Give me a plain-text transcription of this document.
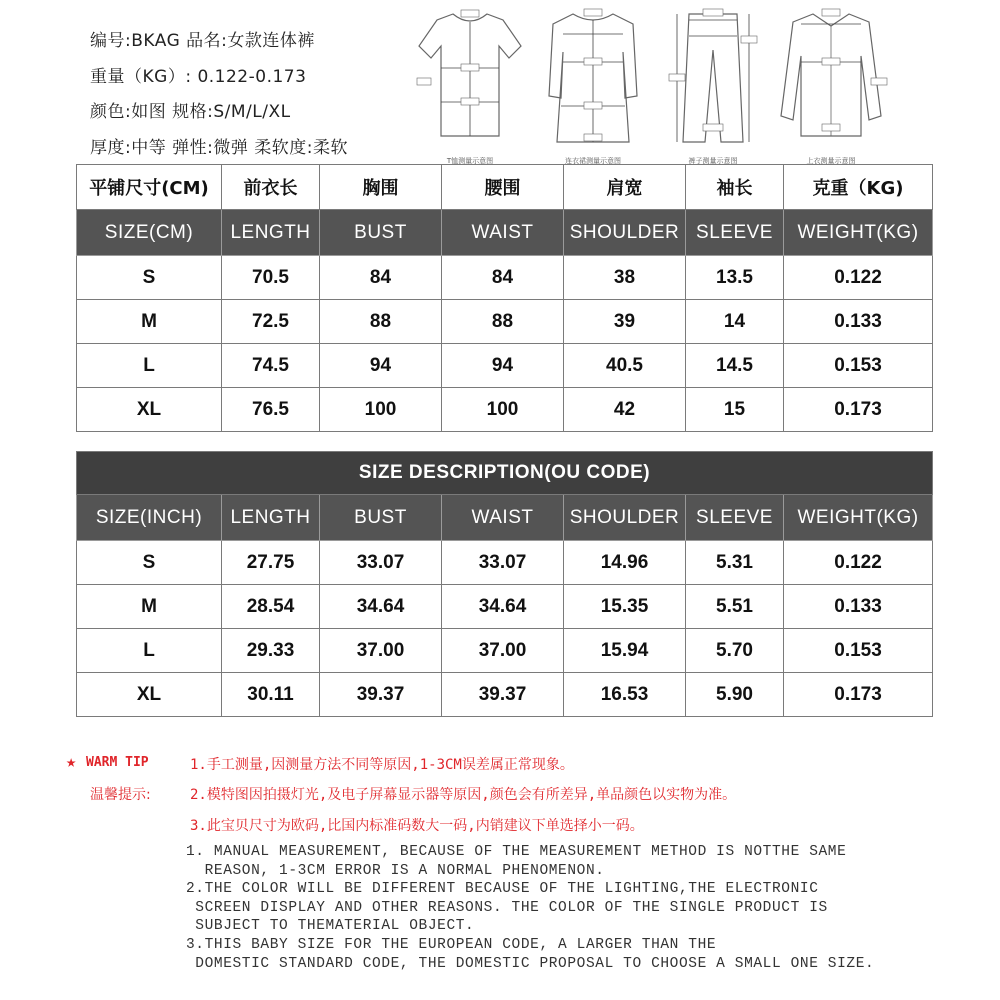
编号:BKAG 品名:女款连体裤
重量（KG）: 0.122-0.173
颜色:如图 规格:S/M/L/XL
厚度:中等 弹性:微弹 柔软度:柔软
T恤测量示意图	连衣裙测量示意图	裤子测量示意图	上衣测量示意图
平铺尺寸(CM)	前衣长	胸围	腰围	肩宽	袖长	克重（KG)
SIZE(CM)	LENGTH	BUST	WAIST	SHOULDER	SLEEVE	WEIGHT(KG)
S	70.5	84	84	38	13.5	0.122
M	72.5	88	88	39	14	0.133
L	74.5	94	94	40.5	14.5	0.153
XL	76.5	100	100	42	15	0.173
SIZE DESCRIPTION(OU CODE)						
SIZE(INCH)	LENGTH	BUST	WAIST	SHOULDER	SLEEVE	WEIGHT(KG)
S	27.75	33.07	33.07	14.96	5.31	0.122
M	28.54	34.64	34.64	15.35	5.51	0.133
L	29.33	37.00	37.00	15.94	5.70	0.153
XL	30.11	39.37	39.37	16.53	5.90	0.173
★ WARM TIP
温馨提示:
1.手工测量,因测量方法不同等原因,1-3CM误差属正常现象。
2.模特图因拍摄灯光,及电子屏幕显示器等原因,颜色会有所差异,单品颜色以实物为准。
3.此宝贝尺寸为欧码,比国内标准码数大一码,内销建议下单选择小一码。
1. MANUAL MEASUREMENT, BECAUSE OF THE MEASUREMENT METHOD IS NOTTHE SAME
REASON, 1-3CM ERROR IS A NORMAL PHENOMENON.
2.THE COLOR WILL BE DIFFERENT BECAUSE OF THE LIGHTING,THE ELECTRONIC
SCREEN DISPLAY AND OTHER REASONS. THE COLOR OF THE SINGLE PRODUCT IS
SUBJECT TO THEMATERIAL OBJECT.
3.THIS BABY SIZE FOR THE EUROPEAN CODE, A LARGER THAN THE
DOMESTIC STANDARD CODE, THE DOMESTIC PROPOSAL TO CHOOSE A SMALL ONE SIZE.
